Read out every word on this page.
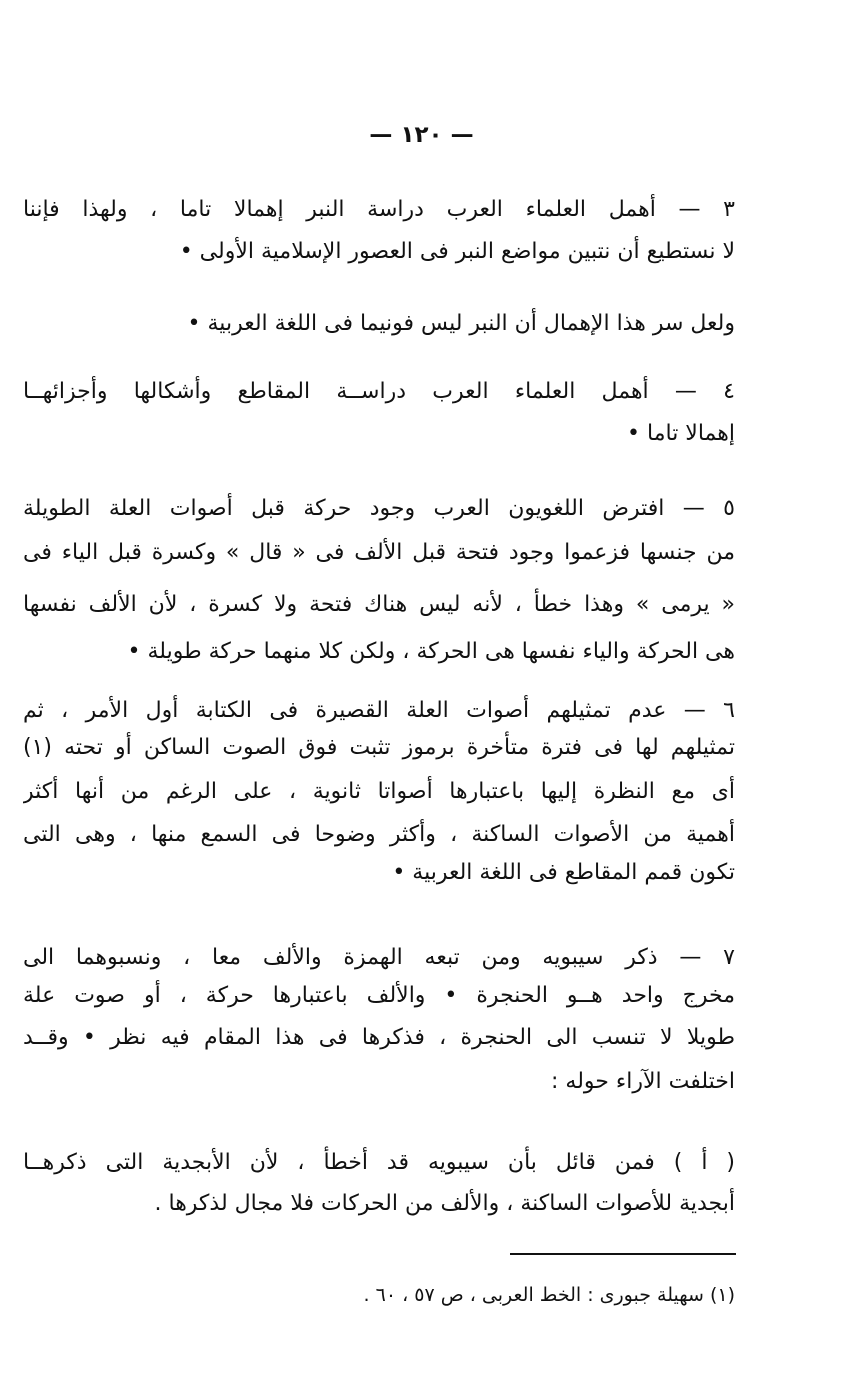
— ١٢٠ —
٣ — أهمل العلماء العرب دراسة النبر إهمالا تاما ، ولهذا فإننا
لا نستطيع أن نتبين مواضع النبر فى العصور الإسلامية الأولى •
ولعل سر هذا الإهمال أن النبر ليس فونيما فى اللغة العربية •
٤ — أهمل العلماء العرب دراســة المقاطع وأشكالها وأجزائهــا
إهمالا تاما •
٥ — افترض اللغويون العرب وجود حركة قبل أصوات العلة الطويلة
من جنسها فزعموا وجود فتحة قبل الألف فى « قال » وكسرة قبل الياء فى
« يرمى » وهذا خطأ ، لأنه ليس هناك فتحة ولا كسرة ، لأن الألف نفسها
هى الحركة والياء نفسها هى الحركة ، ولكن كلا منهما حركة طويلة •
٦ — عدم تمثيلهم أصوات العلة القصيرة فى الكتابة أول الأمر ، ثم
تمثيلهم لها فى فترة متأخرة برموز تثبت فوق الصوت الساكن أو تحته (١)
أى مع النظرة إليها باعتبارها أصواتا ثانوية ، على الرغم من أنها أكثر
أهمية من الأصوات الساكنة ، وأكثر وضوحا فى السمع منها ، وهى التى
تكون قمم المقاطع فى اللغة العربية •
٧ — ذكر سيبويه ومن تبعه الهمزة والألف معا ، ونسبوهما الى
مخرج واحد هــو الحنجرة • والألف باعتبارها حركة ، أو صوت علة
طويلا لا تنسب الى الحنجرة ، فذكرها فى هذا المقام فيه نظر • وقــد
اختلفت الآراء حوله :
( أ ) فمن قائل بأن سيبويه قد أخطأ ، لأن الأبجدية التى ذكرهــا
أبجدية للأصوات الساكنة ، والألف من الحركات فلا مجال لذكرها .
(١) سهيلة جبورى : الخط العربى ، ص ٥٧ ، ٦٠ .
